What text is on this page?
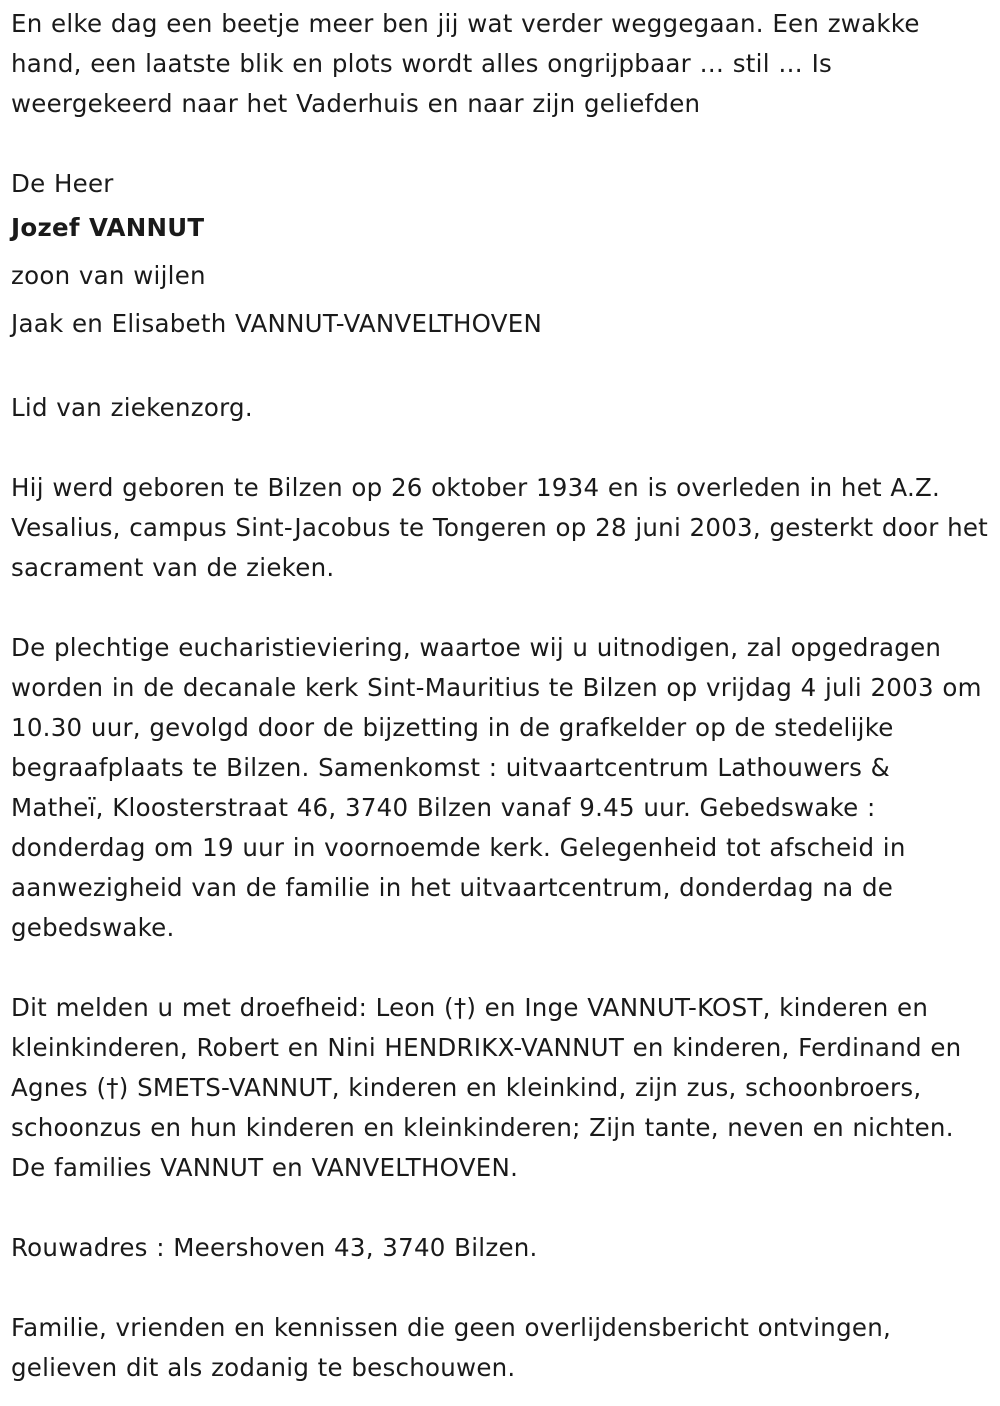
En elke dag een beetje meer ben jij wat verder weggegaan. Een zwakke hand, een laatste blik en plots wordt alles ongrijpbaar … stil … Is weergekeerd naar het Vaderhuis en naar zijn geliefden

De Heer

Jozef VANNUT

zoon van wijlen

Jaak en Elisabeth VANNUT-VANVELTHOVEN

Lid van ziekenzorg.

Hij werd geboren te Bilzen op 26 oktober 1934 en is overleden in het A.Z. Vesalius, campus Sint-Jacobus te Tongeren op 28 juni 2003, gesterkt door het sacrament van de zieken.

De plechtige eucharistieviering, waartoe wij u uitnodigen, zal opgedragen worden in de decanale kerk Sint-Mauritius te Bilzen op vrijdag 4 juli 2003 om 10.30 uur, gevolgd door de bijzetting in de grafkelder op de stedelijke begraafplaats te Bilzen. Samenkomst : uitvaartcentrum Lathouwers & Matheï, Kloosterstraat 46, 3740 Bilzen vanaf 9.45 uur. Gebedswake : donderdag om 19 uur in voornoemde kerk. Gelegenheid tot afscheid in aanwezigheid van de familie in het uitvaartcentrum, donderdag na de gebedswake.

Dit melden u met droefheid: Leon (†) en Inge VANNUT-KOST, kinderen en kleinkinderen, Robert en Nini HENDRIKX-VANNUT en kinderen, Ferdinand en Agnes (†) SMETS-VANNUT, kinderen en kleinkind, zijn zus, schoonbroers, schoonzus en hun kinderen en kleinkinderen; Zijn tante, neven en nichten. De families VANNUT en VANVELTHOVEN.

Rouwadres : Meershoven 43, 3740 Bilzen.

Familie, vrienden en kennissen die geen overlijdensbericht ontvingen, gelieven dit als zodanig te beschouwen.
